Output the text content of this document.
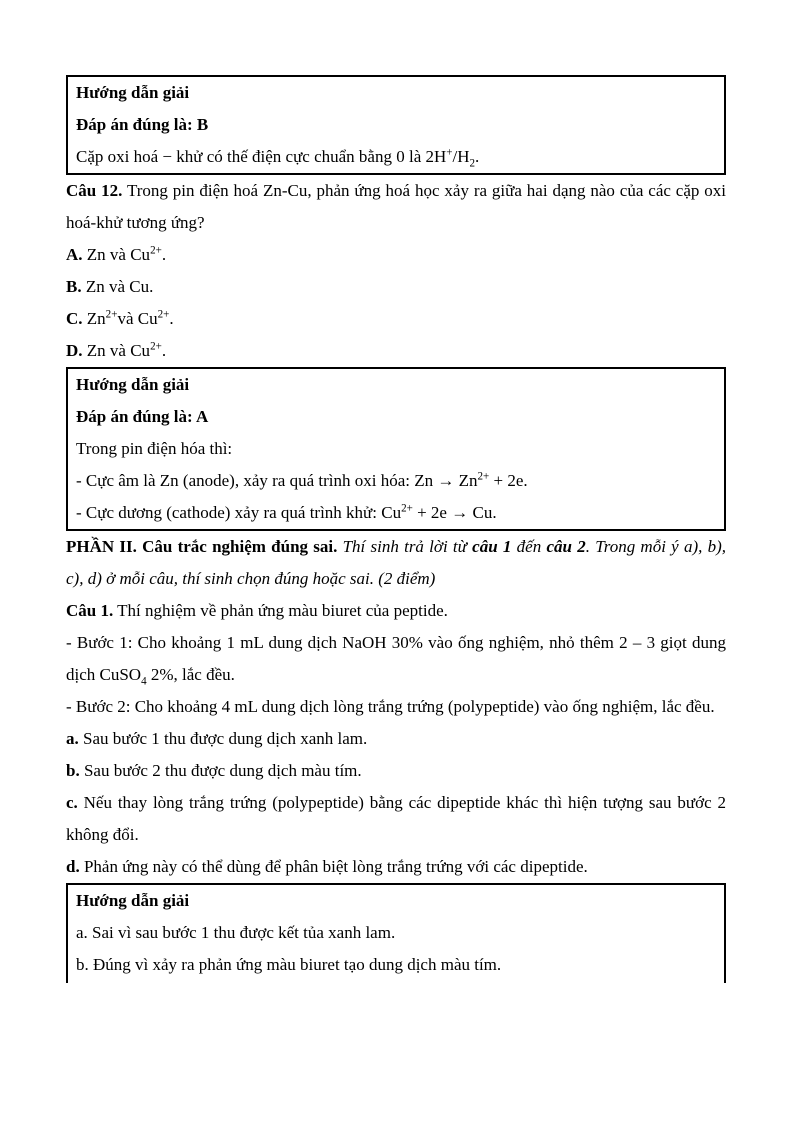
Hướng dẫn giải

Đáp án đúng là: B

Cặp oxi hoá − khử có thế điện cực chuẩn bằng 0 là $2H^+/H_2$.

Câu 12. Trong pin điện hoá Zn-Cu, phản ứng hoá học xảy ra giữa hai dạng nào của các cặp oxi hoá-khử tương ứng?

A. Zn và $Cu^{2+}$.

B. Zn và Cu.

C. $Zn^{2+}và$ $Cu^{2+}$.

D. Zn và $Cu^{2+}$.

Hướng dẫn giải

Đáp án đúng là: A

Trong pin điện hóa thì:

- Cực âm là Zn (anode), xảy ra quá trình oxi hóa: $Zn \to Zn^{2+} + 2e$.

- Cực dương (cathode) xảy ra quá trình khử: $Cu^{2+} + 2e \to Cu$.

PHẦN II. Câu trắc nghiệm đúng sai. Thí sinh trả lời từ câu 1 đến câu 2. Trong mỗi ý a), b), c), d) ở mỗi câu, thí sinh chọn đúng hoặc sai. (2 điểm)

Câu 1. Thí nghiệm về phản ứng màu biuret của peptide.

- Bước 1: Cho khoảng 1 mL dung dịch NaOH 30% vào ống nghiệm, nhỏ thêm 2 – 3 giọt dung dịch CuSO$_4$ 2%, lắc đều.

- Bước 2: Cho khoảng 4 mL dung dịch lòng trắng trứng (polypeptide) vào ống nghiệm, lắc đều.

a. Sau bước 1 thu được dung dịch xanh lam.

b. Sau bước 2 thu được dung dịch màu tím.

c. Nếu thay lòng trắng trứng (polypeptide) bằng các dipeptide khác thì hiện tượng sau bước 2 không đổi.

d. Phản ứng này có thể dùng để phân biệt lòng trắng trứng với các dipeptide.

Hướng dẫn giải

a. Sai vì sau bước 1 thu được kết tủa xanh lam.

b. Đúng vì xảy ra phản ứng màu biuret tạo dung dịch màu tím.
